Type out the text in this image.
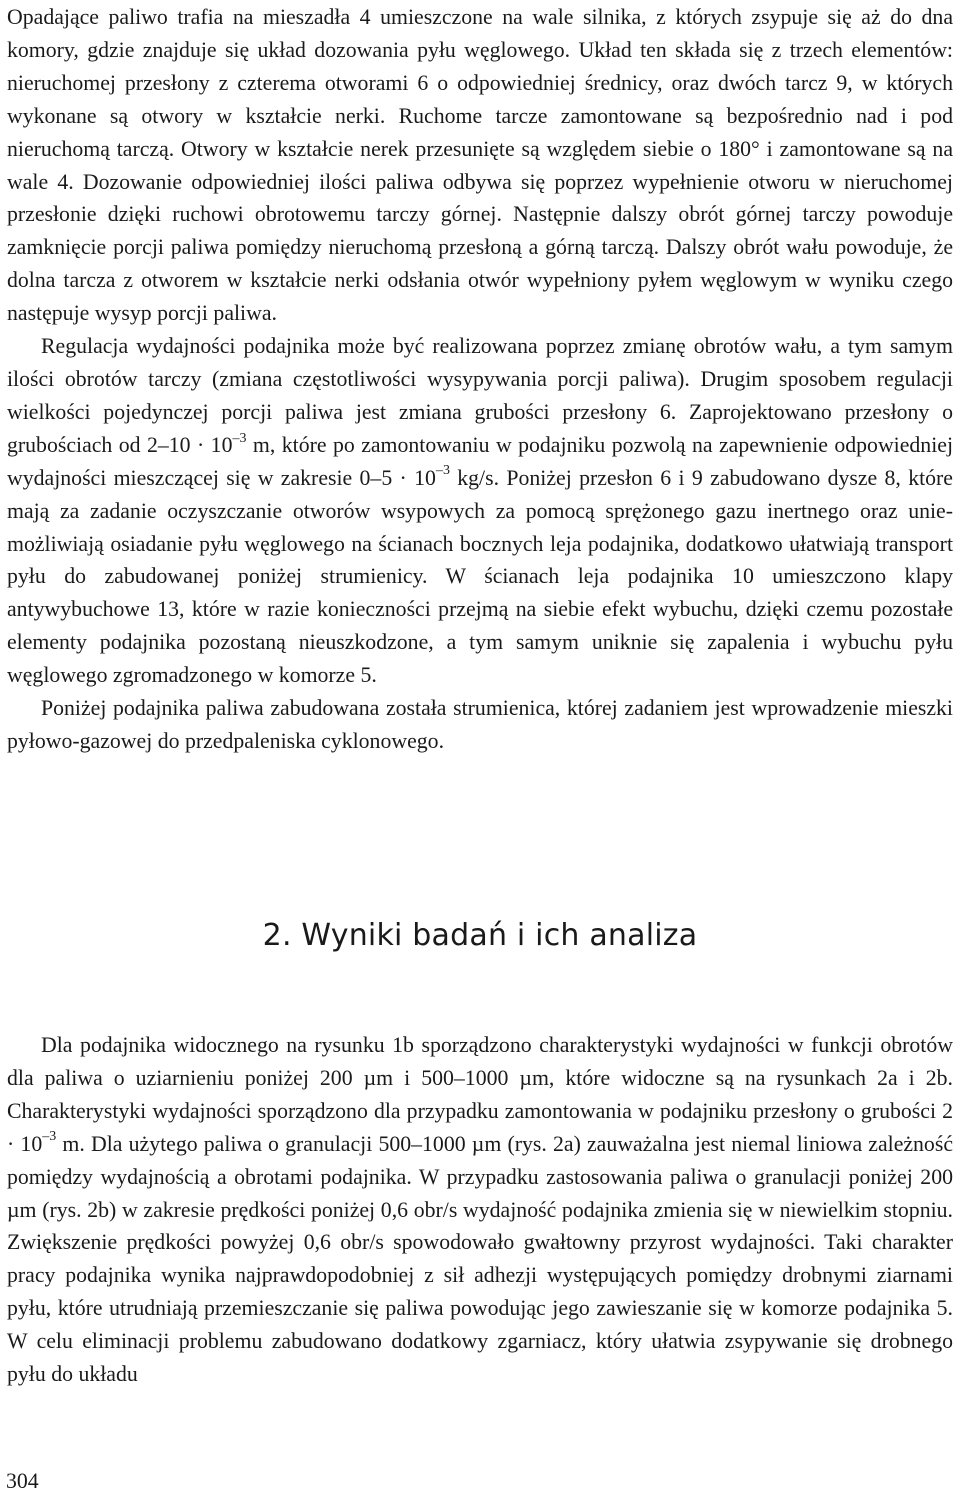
Opadające paliwo trafia na mieszadła 4 umieszczone na wale silnika, z których zsypuje się aż do dna komory, gdzie znajduje się układ dozowania pyłu węglowego. Układ ten składa się z trzech elementów: nieruchomej przesłony z czterema otworami 6 o odpowiedniej średnicy, oraz dwóch tarcz 9, w których wykonane są otwory w kształcie nerki. Ruchome tarcze zamontowane są bezpośrednio nad i pod nieruchomą tarczą. Otwory w kształcie nerek przesunięte są względem siebie o 180° i zamontowane są na wale 4. Dozowanie odpowiedniej ilości paliwa odbywa się poprzez wypełnienie otworu w nieruchomej przesłonie dzięki ruchowi obrotowemu tarczy górnej. Następnie dalszy obrót górnej tarczy powoduje zamknięcie porcji paliwa pomiędzy nieruchomą przesłoną a górną tarczą. Dalszy obrót wału powoduje, że dolna tarcza z otworem w kształcie nerki odsłania otwór wypełniony pyłem węglowym w wyniku czego następuje wysyp porcji paliwa.

Regulacja wydajności podajnika może być realizowana poprzez zmianę obrotów wału, a tym samym ilości obrotów tarczy (zmiana częstotliwości wysypywania porcji paliwa). Drugim sposobem regulacji wielkości pojedynczej porcji paliwa jest zmiana grubości przesłony 6. Zaprojektowano przesłony o grubościach od $2-10 \cdot 10^{-3}$ m, które po zamontowaniu w podajniku pozwolą na zapewnienie odpowiedniej wydajności mieszczącej się w zakresie $0-5 \cdot 10^{-3}$ kg/s. Poniżej przesłon 6 i 9 zabudowano dysze 8, które mają za zadanie oczyszczanie otworów wsypowych za pomocą sprężonego gazu inertnego oraz uniemożliwiają osiadanie pyłu węglowego na ścianach bocznych leja podajnika, dodatkowo ułatwiają transport pyłu do zabudowanej poniżej strumienicy. W ścianach leja podajnika 10 umieszczono klapy antywybuchowe 13, które w razie konieczności przejmą na siebie efekt wybuchu, dzięki czemu pozostałe elementy podajnika pozostaną nieuszkodzone, a tym samym uniknie się zapalenia i wybuchu pyłu węglowego zgromadzonego w komorze 5.

Poniżej podajnika paliwa zabudowana została strumienica, której zadaniem jest wprowadzenie mieszki pyłowo-gazowej do przedpaleniska cyklonowego.

2. Wyniki badań i ich analiza

Dla podajnika widocznego na rysunku 1b sporządzono charakterystyki wydajności w funkcji obrotów dla paliwa o uziarnieniu poniżej 200 µm i 500–1000 µm, które widoczne są na rysunkach 2a i 2b. Charakterystyki wydajności sporządzono dla przypadku zamontowania w podajniku przesłony o grubości $2 \cdot 10^{-3}$ m. Dla użytego paliwa o granulacji 500–1000 µm (rys. 2a) zauważalna jest niemal liniowa zależność pomiędzy wydajnością a obrotami podajnika. W przypadku zastosowania paliwa o granulacji poniżej 200 µm (rys. 2b) w zakresie prędkości poniżej 0,6 obr/s wydajność podajnika zmienia się w niewielkim stopniu. Zwiększenie prędkości powyżej 0,6 obr/s spowodowało gwałtowny przyrost wydajności. Taki charakter pracy podajnika wynika najprawdopodobniej z sił adhezji występujących pomiędzy drobnymi ziarnami pyłu, które utrudniają przemieszczanie się paliwa powodując jego zawieszanie się w komorze podajnika 5. W celu eliminacji problemu zabudowano dodatkowy zgarniacz, który ułatwia zsypywanie się drobnego pyłu do układu

304
